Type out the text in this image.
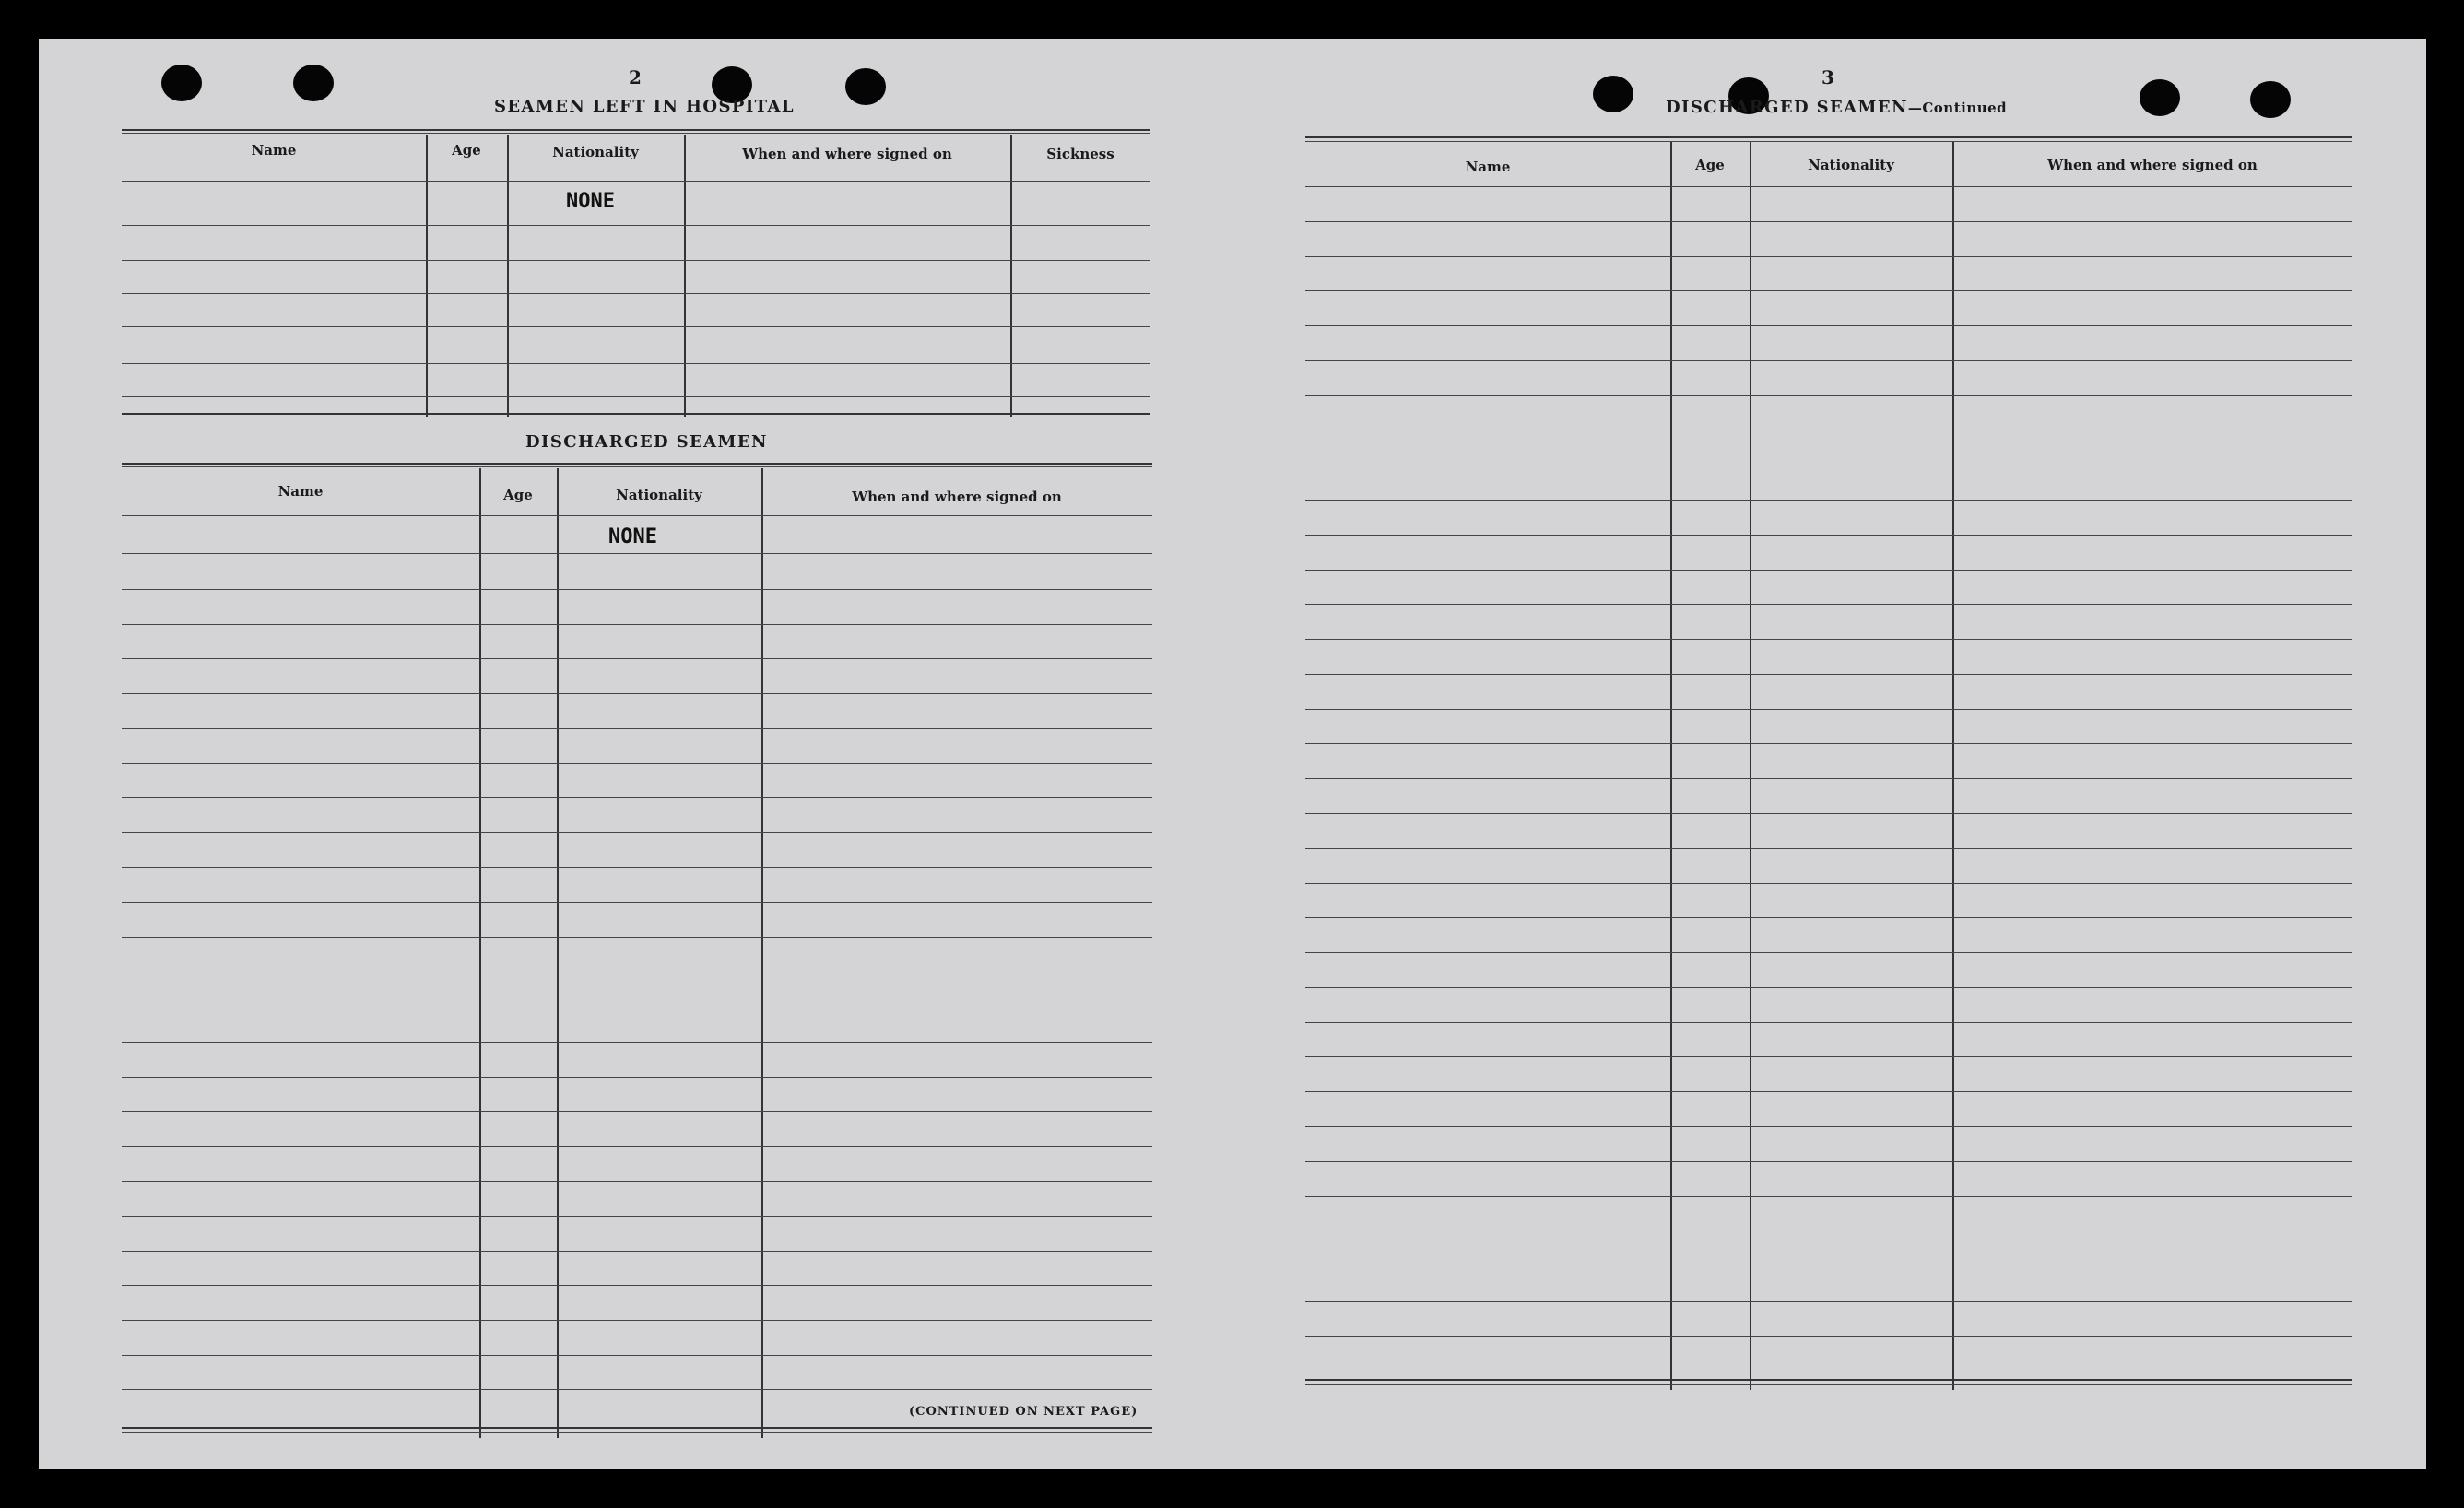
2
SEAMEN LEFT IN HOSPITAL
Name	Age	Nationality	When and where signed on	Sickness
NONE
DISCHARGED SEAMEN
Name	Age	Nationality	When and where signed on
NONE
(CONTINUED ON NEXT PAGE)
3
DISCHARGED SEAMEN—Continued
Name	Age	Nationality	When and where signed on
